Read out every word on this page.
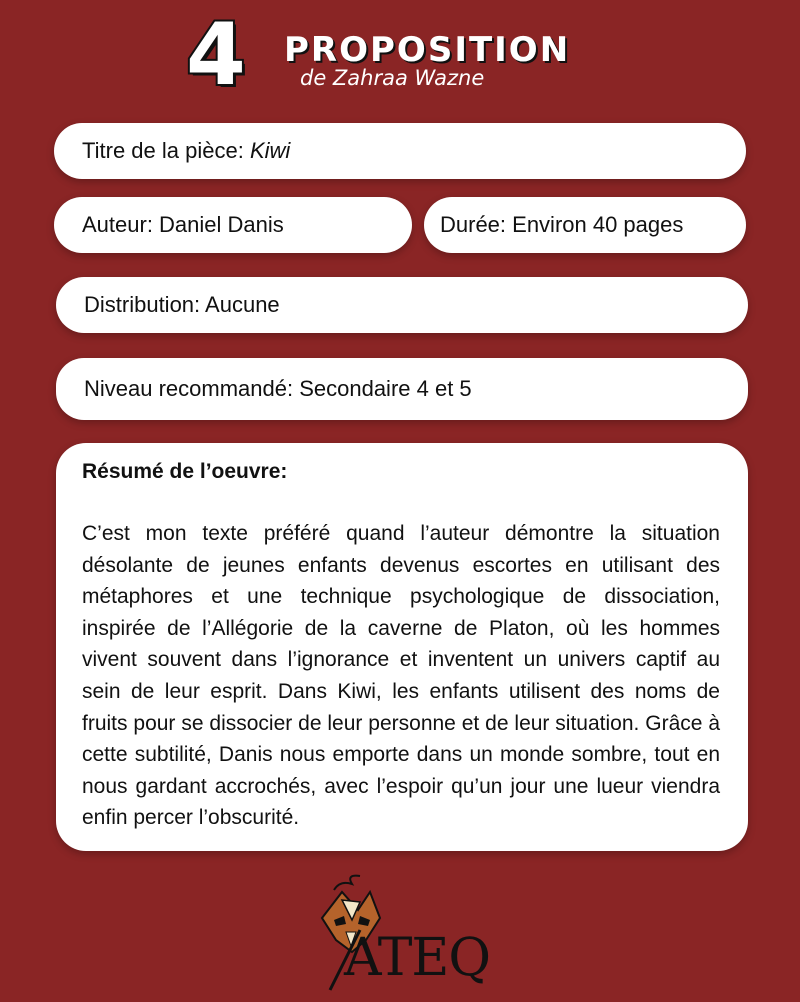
4 PROPOSITION
de Zahraa Wazne
Titre de la pièce:
Kiwi
Auteur: Daniel Danis	Durée: Environ 40 pages
Distribution: Aucune
Niveau recommandé: Secondaire 4 et 5

Résumé de l’oeuvre:

C’est mon texte préféré quand l’auteur démontre la situation désolante de jeunes enfants devenus escortes en utilisant des métaphores et une technique psychologique de dissociation, inspirée de l’Allégorie de la caverne de Platon, où les hommes vivent souvent dans l’ignorance et inventent un univers captif au sein de leur esprit. Dans Kiwi, les enfants utilisent des noms de fruits pour se dissocier de leur personne et de leur situation. Grâce à cette subtilité, Danis nous emporte dans un monde sombre, tout en nous gardant accrochés, avec l’espoir qu’un jour une lueur viendra enfin percer l’obscurité.

ATEQ
